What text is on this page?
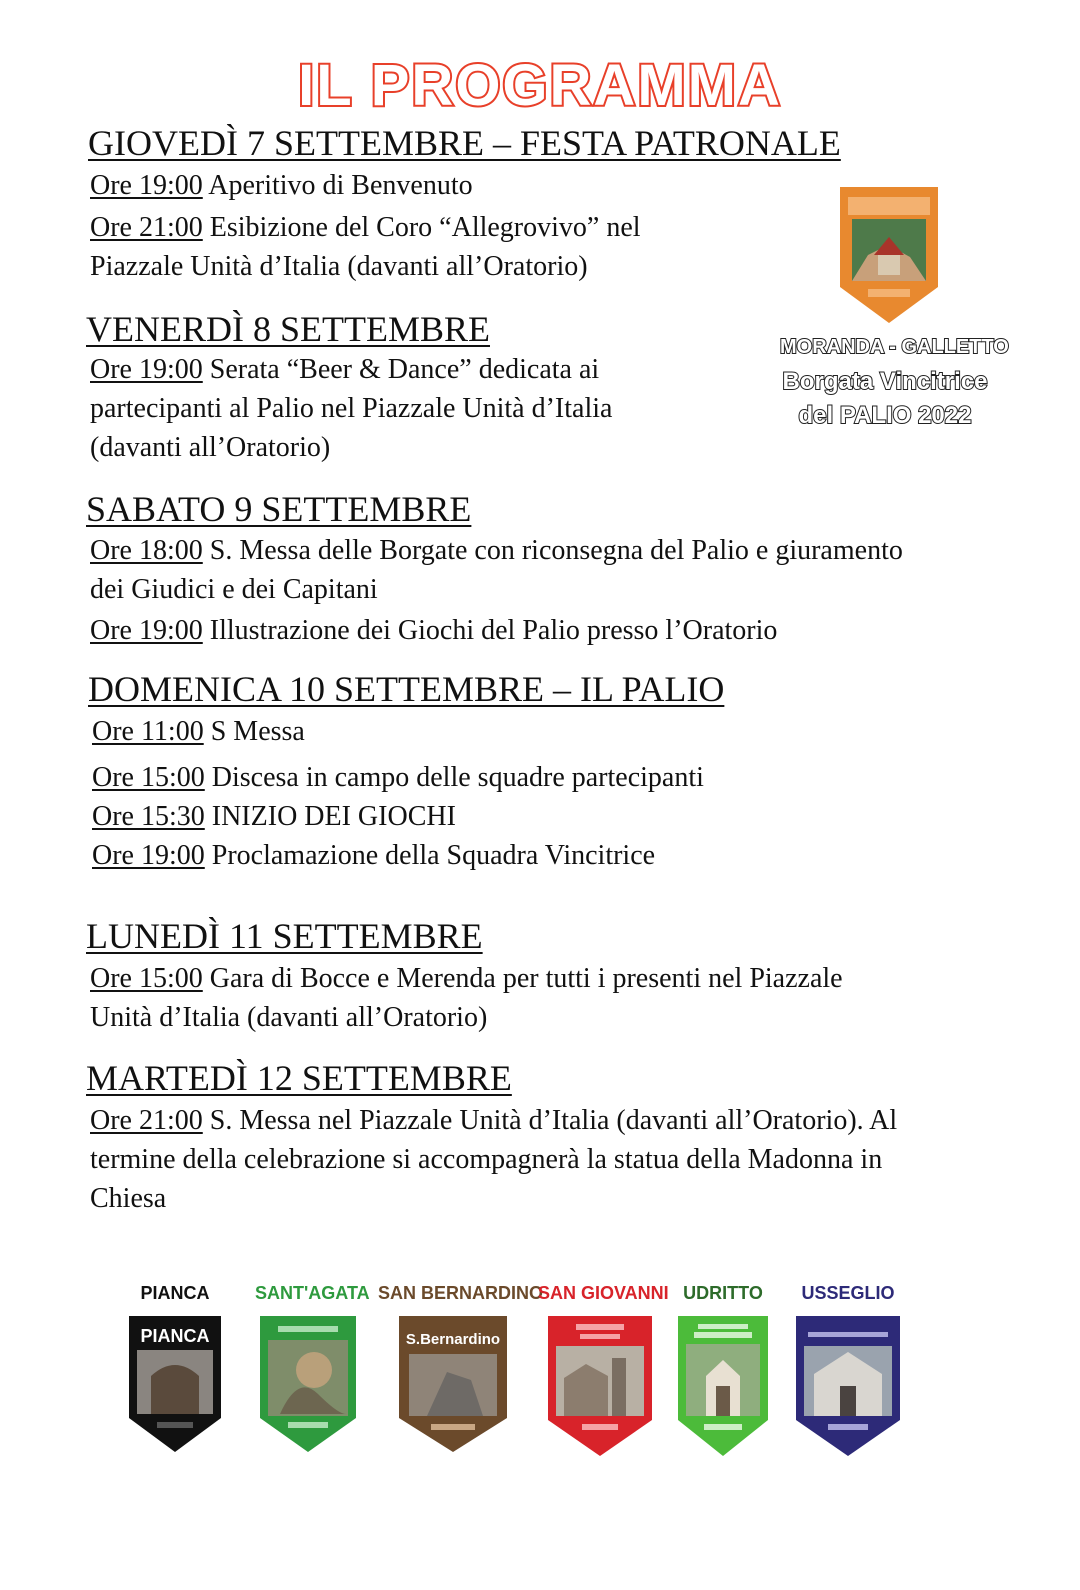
IL PROGRAMMA
GIOVEDÌ 7 SETTEMBRE – FESTA PATRONALE
Ore 19:00 Aperitivo di Benvenuto
Ore 21:00 Esibizione del Coro “Allegrovivo” nel
Piazzale Unità d’Italia (davanti all’Oratorio)
VENERDÌ 8 SETTEMBRE
Ore 19:00 Serata “Beer & Dance” dedicata ai
partecipanti al Palio nel Piazzale Unità d’Italia
(davanti all’Oratorio)
SABATO 9 SETTEMBRE
Ore 18:00 S. Messa delle Borgate con riconsegna del Palio e giuramento
dei Giudici e dei Capitani
Ore 19:00 Illustrazione dei Giochi del Palio presso l’Oratorio
DOMENICA 10 SETTEMBRE – IL PALIO
Ore 11:00 S Messa
Ore 15:00 Discesa in campo delle squadre partecipanti
Ore 15:30 INIZIO DEI GIOCHI
Ore 19:00 Proclamazione della Squadra Vincitrice
LUNEDÌ 11 SETTEMBRE
Ore 15:00 Gara di Bocce e Merenda per tutti i presenti nel Piazzale
Unità d’Italia (davanti all’Oratorio)
MARTEDÌ 12 SETTEMBRE
Ore 21:00 S. Messa nel Piazzale Unità d’Italia (davanti all’Oratorio). Al
termine della celebrazione si accompagnerà la statua della Madonna in
Chiesa
MORANDA - GALLETTO
Borgata Vincitrice
del PALIO 2022
PIANCA
PIANCA
SANT'AGATA SAN BERNARDINO
S.Bernardino
SAN GIOVANNI UDRITTO	USSEGLIO
